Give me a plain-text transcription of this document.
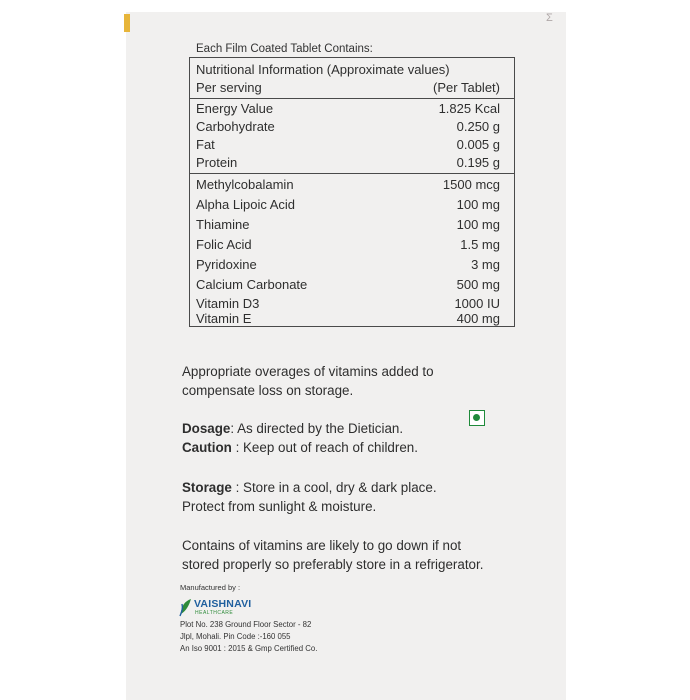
Σ
Each Film Coated Tablet Contains:
Nutritional Information (Approximate values)
Per serving	(Per Tablet)
Energy Value	1.825 Kcal
Carbohydrate	0.250 g
Fat	0.005 g
Protein	0.195 g
Methylcobalamin	1500 mcg
Alpha Lipoic Acid	100 mg
Thiamine	100 mg
Folic Acid	1.5 mg
Pyridoxine	3 mg
Calcium Carbonate	500 mg
Vitamin D3	1000 IU
Vitamin E	400 mg
Appropriate overages of vitamins added to
compensate loss on storage.
Dosage: As directed by the Dietician.
Caution : Keep out of reach of children.
Storage : Store in a cool, dry & dark place.
Protect from sunlight & moisture.
Contains of vitamins are likely to go down if not
stored properly so preferably store in a refrigerator.
Manufactured by :
VAISHNAVI
HEALTHCARE
Plot No. 238 Ground Floor Sector - 82
Jlpl, Mohali. Pin Code :-160 055
An Iso 9001 : 2015 & Gmp Certified Co.
